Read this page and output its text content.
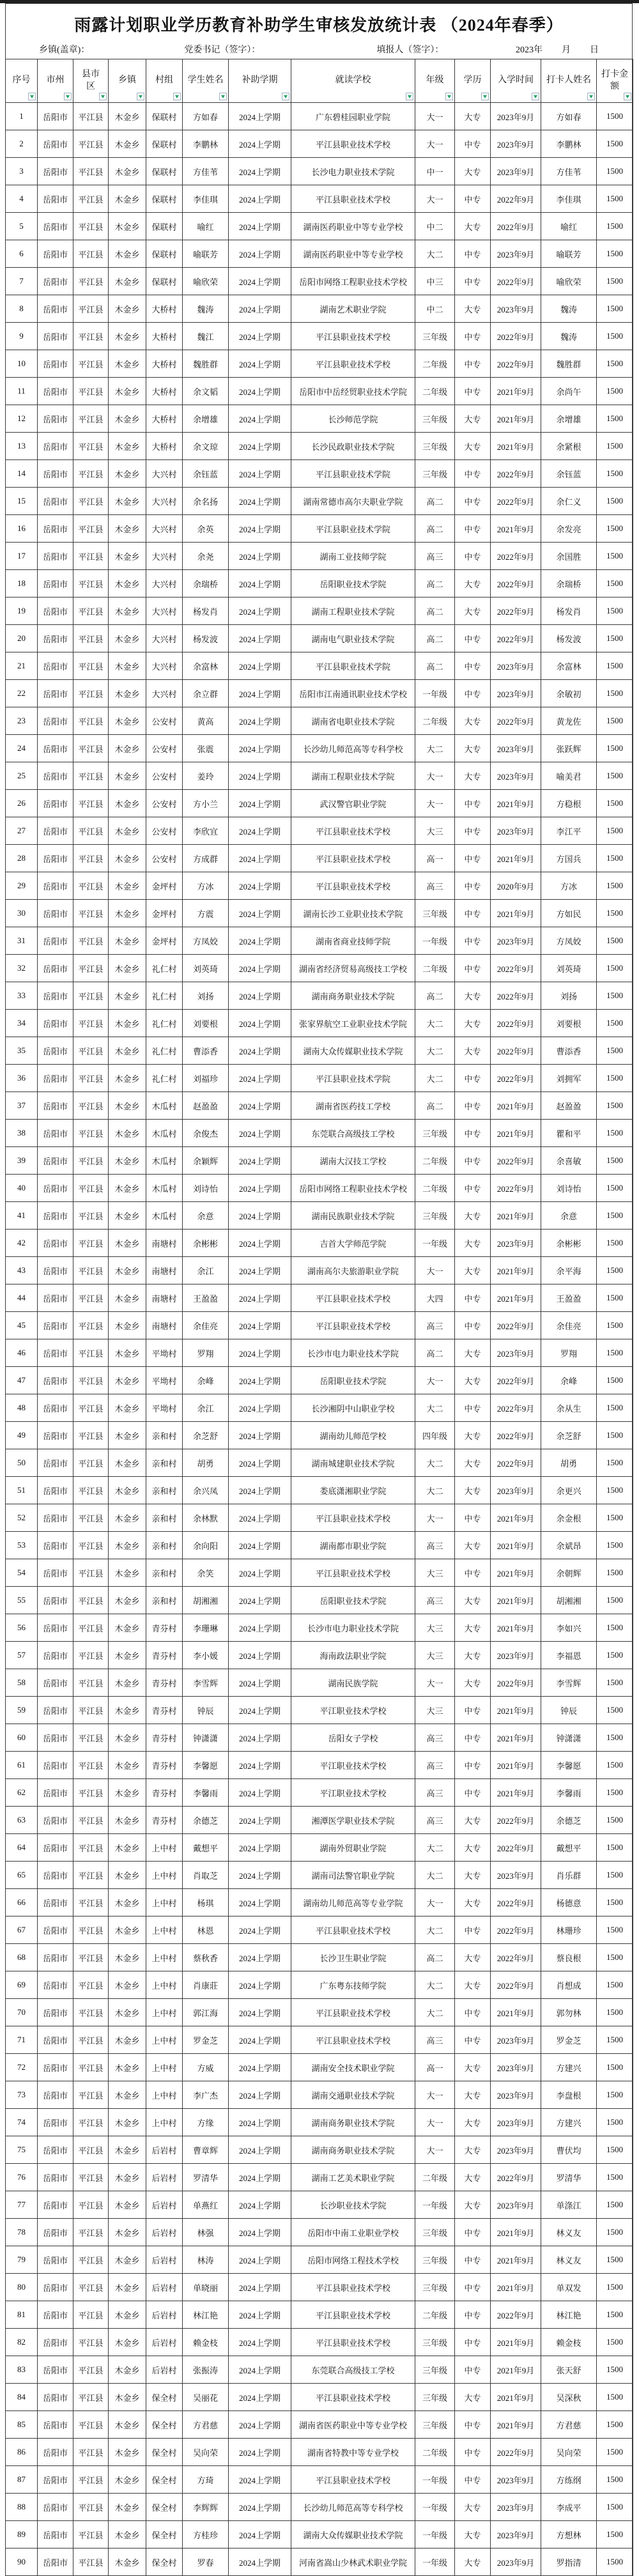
雨露计划职业学历教育补助学生审核发放统计表 （2024年春季）
乡镇(盖章)：	党委书记（签字）：	填报人（签字）：	2023年 月 日
序号	市州	县市区	乡镇	村组	学生姓名	补助学期	就读学校	年级	学历	入学时间	打卡人姓名	打卡金额

1	岳阳市	平江县	木金乡	保联村	方如春	2024上学期	广东碧桂园职业学院	大一	大专	2023年9月	方如春	1500
2	岳阳市	平江县	木金乡	保联村	李鹏林	2024上学期	平江县职业技术学校	大一	中专	2023年9月	李鹏林	1500
3	岳阳市	平江县	木金乡	保联村	方佳苇	2024上学期	长沙电力职业技术学院	中一	大专	2023年9月	方佳苇	1500
4	岳阳市	平江县	木金乡	保联村	李佳琪	2024上学期	平江县职业技术学校	大一	中专	2022年9月	李佳琪	1500
5	岳阳市	平江县	木金乡	保联村	喻红	2024上学期	湖南医药职业中等专业学校	中二	大专	2022年9月	喻红	1500
6	岳阳市	平江县	木金乡	保联村	喻联芳	2024上学期	湖南医药职业中等专业学校	大二	中专	2023年9月	喻联芳	1500
7	岳阳市	平江县	木金乡	保联村	喻欣荣	2024上学期	岳阳市网络工程职业技术学校	中三	中专	2022年9月	喻欣荣	1500
8	岳阳市	平江县	木金乡	大桥村	魏涛	2024上学期	湖南艺术职业学院	中二	大专	2023年9月	魏涛	1500
9	岳阳市	平江县	木金乡	大桥村	魏江	2024上学期	平江县职业技术学校	三年级	中专	2022年9月	魏涛	1500
10	岳阳市	平江县	木金乡	大桥村	魏胜群	2024上学期	平江县职业技术学校	二年级	中专	2022年9月	魏胜群	1500
11	岳阳市	平江县	木金乡	大桥村	余文韬	2024上学期	岳阳市中岳经贸职业技术学院	二年级	中专	2021年9月	余尚午	1500
12	岳阳市	平江县	木金乡	大桥村	余增雄	2024上学期	长沙师范学院	三年级	大专	2021年9月	余增雄	1500
13	岳阳市	平江县	木金乡	大桥村	余文琼	2024上学期	长沙民政职业技术学院	三年级	大专	2021年9月	余紧根	1500
14	岳阳市	平江县	木金乡	大兴村	余钰蓝	2024上学期	平江县职业技术学院	三年级	中专	2022年9月	余钰蓝	1500
15	岳阳市	平江县	木金乡	大兴村	余名扬	2024上学期	湖南常德市高尔夫职业学院	高二	中专	2022年9月	余仁义	1500
16	岳阳市	平江县	木金乡	大兴村	余英	2024上学期	平江县职业技术学院	高二	中专	2021年9月	余发亮	1500
17	岳阳市	平江县	木金乡	大兴村	余尧	2024上学期	湖南工业技师学院	高三	中专	2022年9月	余国胜	1500
18	岳阳市	平江县	木金乡	大兴村	余瑞桥	2024上学期	岳阳职业技术学院	高二	大专	2022年9月	余瑞桥	1500
19	岳阳市	平江县	木金乡	大兴村	杨发肖	2024上学期	湖南工程职业技术学院	高二	大专	2022年9月	杨发肖	1500
20	岳阳市	平江县	木金乡	大兴村	杨发波	2024上学期	湖南电气职业技术学院	高二	中专	2022年9月	杨发波	1500
21	岳阳市	平江县	木金乡	大兴村	余富林	2024上学期	平江县职业技术学院	高二	中专	2023年9月	余富林	1500
22	岳阳市	平江县	木金乡	大兴村	余立群	2024上学期	岳阳市江南通讯职业技术学校	一年级	中专	2023年9月	余敏初	1500
23	岳阳市	平江县	木金乡	公安村	黄高	2024上学期	湖南省电职业技术学院	二年级	大专	2022年9月	黄龙佐	1500
24	岳阳市	平江县	木金乡	公安村	张震	2024上学期	长沙幼儿师范高等专科学校	大二	大专	2023年9月	张跃辉	1500
25	岳阳市	平江县	木金乡	公安村	姜玲	2024上学期	湖南工程职业技术学院	大一	大专	2023年9月	喻美君	1500
26	岳阳市	平江县	木金乡	公安村	方小兰	2024上学期	武汉警官职业学院	大一	中专	2021年9月	方稳根	1500
27	岳阳市	平江县	木金乡	公安村	李欣宜	2024上学期	平江县职业技术学校	大三	中专	2023年9月	李江平	1500
28	岳阳市	平江县	木金乡	公安村	方成群	2024上学期	平江县职业技术学校	高一	中专	2021年9月	方国兵	1500
29	岳阳市	平江县	木金乡	金坪村	方冰	2024上学期	平江县职业技术学校	高三	中专	2020年9月	方冰	1500
30	岳阳市	平江县	木金乡	金坪村	方震	2024上学期	湖南长沙工业职业技术学院	三年级	中专	2021年9月	方如民	1500
31	岳阳市	平江县	木金乡	金坪村	方凤姣	2024上学期	湖南省商业技师学院	一年级	中专	2023年9月	方凤姣	1500
32	岳阳市	平江县	木金乡	礼仁村	刘英琦	2024上学期	湖南省经济贸易高级技工学校	二年级	中专	2022年9月	刘英琦	1500
33	岳阳市	平江县	木金乡	礼仁村	刘扬	2024上学期	湖南商务职业技术学院	高二	大专	2022年9月	刘扬	1500
34	岳阳市	平江县	木金乡	礼仁村	刘要根	2024上学期	张家界航空工业职业技术学院	大二	大专	2022年9月	刘要根	1500
35	岳阳市	平江县	木金乡	礼仁村	曹添香	2024上学期	湖南大众传媒职业技术学院	大二	大专	2022年9月	曹添香	1500
36	岳阳市	平江县	木金乡	礼仁村	刘福珍	2024上学期	平江县职业技术学院	大二	中专	2022年9月	刘拥军	1500
37	岳阳市	平江县	木金乡	木瓜村	赵盈盈	2024上学期	湖南省医药技工学校	高二	中专	2021年9月	赵盈盈	1500
38	岳阳市	平江县	木金乡	木瓜村	余俊杰	2024上学期	东莞联合高级技工学校	三年级	中专	2021年9月	瞿和平	1500
39	岳阳市	平江县	木金乡	木瓜村	余颖辉	2024上学期	湖南大汉技工学校	二年级	中专	2022年9月	余喜敏	1500
40	岳阳市	平江县	木金乡	木瓜村	刘诗怡	2024上学期	岳阳市网络工程职业技术学校	二年级	中专	2022年9月	刘诗怡	1500
41	岳阳市	平江县	木金乡	木瓜村	余意	2024上学期	湖南民族职业技术学院	三年级	大专	2021年9月	余意	1500
42	岳阳市	平江县	木金乡	南塘村	余彬彬	2024上学期	吉首大学师范学院	一年级	大专	2023年9月	余彬彬	1500
43	岳阳市	平江县	木金乡	南塘村	余江	2024上学期	湖南高尔夫旅游职业学院	大一	大专	2021年9月	余平海	1500
44	岳阳市	平江县	木金乡	南塘村	王盈盈	2024上学期	平江县职业技术学校	大四	中专	2021年9月	王盈盈	1500
45	岳阳市	平江县	木金乡	南塘村	余佳亮	2024上学期	平江县职业技术学校	高三	中专	2022年9月	余佳亮	1500
46	岳阳市	平江县	木金乡	平坳村	罗翔	2024上学期	长沙市电力职业技术学院	高二	大专	2023年9月	罗翔	1500
47	岳阳市	平江县	木金乡	平坳村	余峰	2024上学期	岳阳职业技术学院	大一	大专	2022年9月	余峰	1500
48	岳阳市	平江县	木金乡	平坳村	余江	2024上学期	长沙湘阴中山职业学校	大二	中专	2022年9月	余从生	1500
49	岳阳市	平江县	木金乡	亲和村	余芝舒	2024上学期	湖南幼儿师范学校	四年级	大专	2022年9月	余芝舒	1500
50	岳阳市	平江县	木金乡	亲和村	胡勇	2024上学期	湖南城建职业技术学院	大二	大专	2022年9月	胡勇	1500
51	岳阳市	平江县	木金乡	亲和村	余兴凤	2024上学期	娄底潇湘职业学院	大二	大专	2023年9月	余更兴	1500
52	岳阳市	平江县	木金乡	亲和村	余林默	2024上学期	平江县职业技术学校	大一	中专	2021年9月	余金根	1500
53	岳阳市	平江县	木金乡	亲和村	余向阳	2024上学期	湖南都市职业学院	高三	大专	2021年9月	余斌昂	1500
54	岳阳市	平江县	木金乡	亲和村	余笑	2024上学期	平江县职业技术学校	大三	中专	2021年9月	余朝辉	1500
55	岳阳市	平江县	木金乡	亲和村	胡湘湘	2024上学期	岳阳职业技术学院	高三	大专	2021年9月	胡湘湘	1500
56	岳阳市	平江县	木金乡	青芬村	李珊琳	2024上学期	长沙市电力职业技术学院	大三	大专	2021年9月	李如兴	1500
57	岳阳市	平江县	木金乡	青芬村	李小媛	2024上学期	海南政法职业学院	大三	大专	2023年9月	李福恩	1500
58	岳阳市	平江县	木金乡	青芬村	李雪辉	2024上学期	湖南民族学院	大一	大专	2022年9月	李雪辉	1500
59	岳阳市	平江县	木金乡	青芬村	钟辰	2024上学期	平江职业技术学校	大三	中专	2021年9月	钟辰	1500
60	岳阳市	平江县	木金乡	青芬村	钟潇潇	2024上学期	岳阳女子学校	高三	中专	2021年9月	钟潇潇	1500
61	岳阳市	平江县	木金乡	青芬村	李馨愿	2024上学期	平江职业技术学校	高三	中专	2021年9月	李馨愿	1500
62	岳阳市	平江县	木金乡	青芬村	李馨雨	2024上学期	平江职业技术学校	高三	中专	2021年9月	李馨雨	1500
63	岳阳市	平江县	木金乡	青芬村	余德芝	2024上学期	湘潭医学职业技术学院	高三	大专	2022年9月	余德芝	1500
64	岳阳市	平江县	木金乡	上中村	戴想平	2024上学期	湖南外贸职业学院	大二	大专	2022年9月	戴想平	1500
65	岳阳市	平江县	木金乡	上中村	肖取芝	2024上学期	湖南司法警官职业学院	大二	大专	2023年9月	肖乐群	1500
66	岳阳市	平江县	木金乡	上中村	杨琪	2024上学期	湖南幼儿师范高等专业学院	大一	大专	2022年9月	杨德意	1500
67	岳阳市	平江县	木金乡	上中村	林恩	2024上学期	平江县职业技术学校	大二	中专	2022年9月	林珊珍	1500
68	岳阳市	平江县	木金乡	上中村	蔡秋香	2024上学期	长沙卫生职业学院	高二	大专	2022年9月	蔡良根	1500
69	岳阳市	平江县	木金乡	上中村	肖康莊	2024上学期	广东粤东技师学院	大二	大专	2022年9月	肖想成	1500
70	岳阳市	平江县	木金乡	上中村	郭江海	2024上学期	平江县职业技术学校	大二	中专	2021年9月	郭勿林	1500
71	岳阳市	平江县	木金乡	上中村	罗金芝	2024上学期	平江县职业技术学校	高三	中专	2023年9月	罗金芝	1500
72	岳阳市	平江县	木金乡	上中村	方威	2024上学期	湖南安全技术职业学院	高一	大专	2023年9月	方建兴	1500
73	岳阳市	平江县	木金乡	上中村	李广杰	2024上学期	湖南交通职业技术学院	大一	大专	2023年9月	李盘根	1500
74	岳阳市	平江县	木金乡	上中村	方缘	2024上学期	湖南商务职业技术学院	大一	大专	2023年9月	方建兴	1500
75	岳阳市	平江县	木金乡	后岩村	曹章辉	2024上学期	湖南商务职业技术学院	大一	大专	2023年9月	曹伏均	1500
76	岳阳市	平江县	木金乡	后岩村	罗清华	2024上学期	湖南工艺美术职业学院	二年级	大专	2022年9月	罗清华	1500
77	岳阳市	平江县	木金乡	后岩村	单燕红	2024上学期	长沙职业技术学院	一年级	大专	2023年9月	单涤江	1500
78	岳阳市	平江县	木金乡	后岩村	林强	2024上学期	岳阳市中南工业职业学校	三年级	中专	2021年9月	林义友	1500
79	岳阳市	平江县	木金乡	后岩村	林涛	2024上学期	岳阳市网络工程技术学校	三年级	中专	2021年9月	林义友	1500
80	岳阳市	平江县	木金乡	后岩村	单晓丽	2024上学期	平江县职业技术学校	三年级	中专	2021年9月	单双发	1500
81	岳阳市	平江县	木金乡	后岩村	林江艳	2024上学期	平江县职业技术学校	二年级	中专	2022年9月	林江艳	1500
82	岳阳市	平江县	木金乡	后岩村	赖金枝	2024上学期	平江县职业技术学校	三年级	中专	2021年9月	赖金枝	1500
83	岳阳市	平江县	木金乡	后岩村	张振涛	2024上学期	东莞联合高级技工学校	三年级	中专	2021年9月	张天舒	1500
84	岳阳市	平江县	木金乡	保全村	吴丽花	2024上学期	平江县职业技术学校	三年级	大专	2021年9月	吴深秋	1500
85	岳阳市	平江县	木金乡	保全村	方君慈	2024上学期	湖南省医药职业中等专业学校	三年级	中专	2021年9月	方君慈	1500
86	岳阳市	平江县	木金乡	保全村	吴向荣	2024上学期	湖南省特教中等专业学校	二年级	中专	2022年9月	吴向荣	1500
87	岳阳市	平江县	木金乡	保全村	方琦	2024上学期	平江县职业技术学校	一年级	中专	2023年9月	方练纲	1500
88	岳阳市	平江县	木金乡	保全村	李辉辉	2024上学期	长沙幼儿师范高等专科学校	一年级	大专	2023年9月	李成平	1500
89	岳阳市	平江县	木金乡	保全村	方桂珍	2024上学期	湖南大众传媒职业技术学院	一年级	大专	2023年9月	方想林	1500
90	岳阳市	平江县	木金乡	保全村	罗春	2024上学期	河南省嵩山少林武术职业学院	一年级	大专	2023年9月	罗指清	1500
